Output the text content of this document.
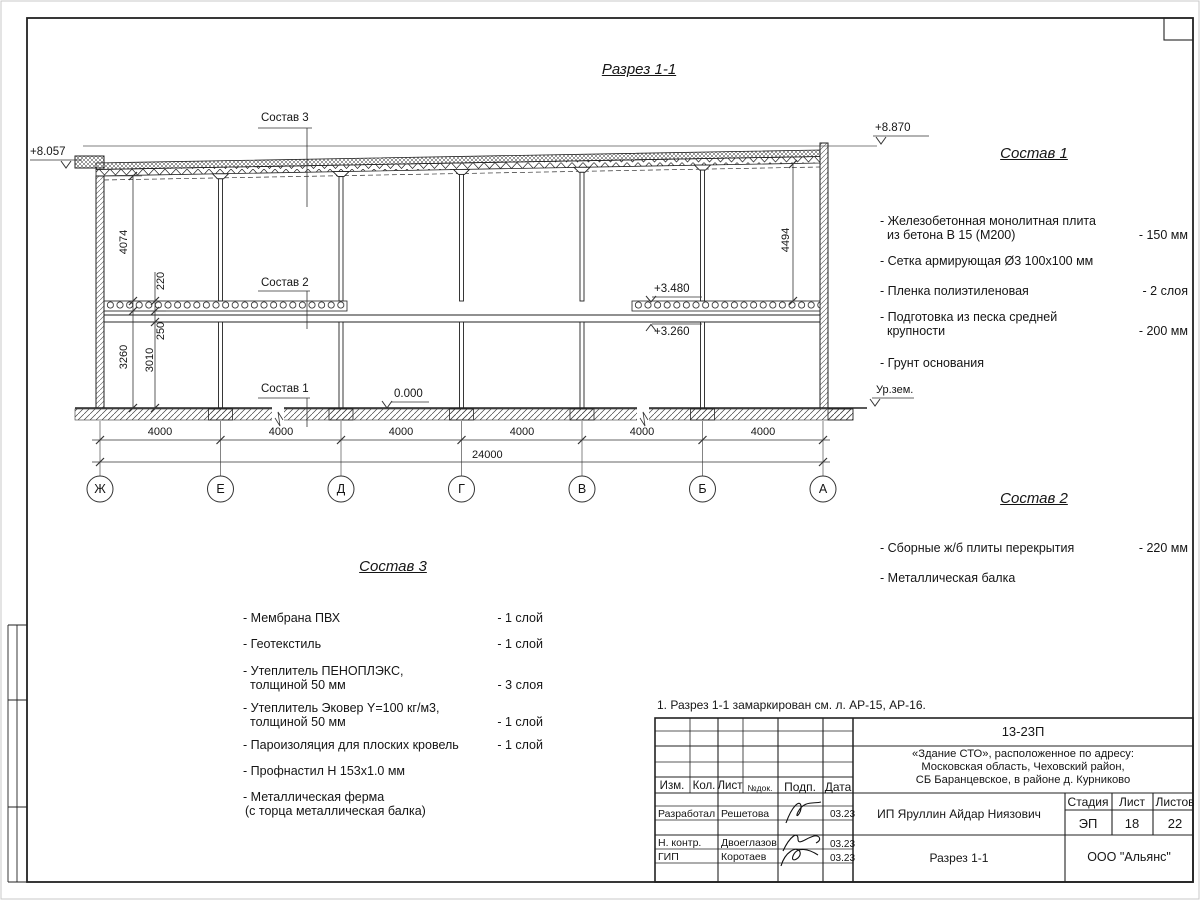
Разрез 1-1
Состав 3
Состав 2
Состав 1
+8.057
+8.870
+3.480
+3.260
0.000	Ур.зем.
4074
220
250
3260 3010
4494
4000	4000	4000	4000	4000	4000
24000
Ж	Е	Д	Г	В	Б	А
Состав 1
- Железобетонная монолитная плита
из бетона В 15 (М200)	- 150 мм
- Сетка армирующая Ø3 100х100 мм
- Пленка полиэтиленовая	- 2 слоя
- Подготовка из песка средней
крупности	- 200 мм
- Грунт основания
Состав 2
- Сборные ж/б плиты перекрытия	- 220 мм
- Металлическая балка
Состав 3
- Мембрана ПВХ	- 1 слой
- Геотекстиль	- 1 слой
- Утеплитель ПЕНОПЛЭКС,
толщиной 50 мм	- 3 слоя
- Утеплитель Эковер Y=100 кг/м3,
толщиной 50 мм	- 1 слой
- Пароизоляция для плоских кровель	- 1 слой
- Профнастил Н 153х1.0 мм
- Металлическая ферма
(с торца металлическая балка)
1. Разрез 1-1 замаркирован см. л. АР-15, АР-16.
13-23П
«Здание СТО», расположенное по адресу:
Московская область, Чеховский район,
СБ Баранцевское, в районе д. Курниково
ИП Яруллин Айдар Ниязович
Разрез 1-1	ООО "Альянс"
Стадия Лист Листов
ЭП 18 22
Изм. Кол. Лист №док. Подп. Дата
Разработал Решетова	03.23
Н. контр. Двоеглазов	03.23
ГИП	Коротаев	03.23
